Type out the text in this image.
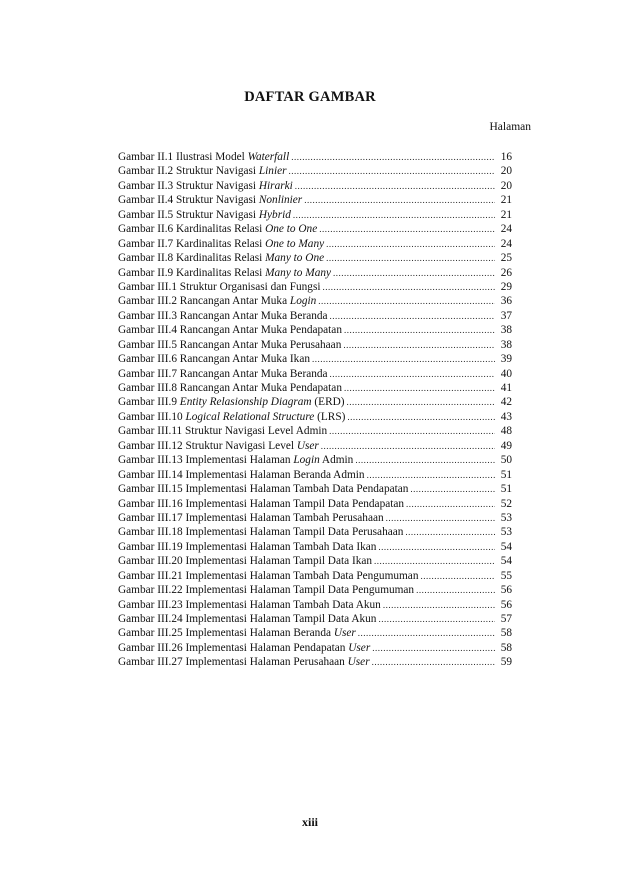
DAFTAR GAMBAR
Halaman
Gambar II.1 Ilustrasi Model Waterfall .....	16
Gambar II.2 Struktur Navigasi Linier .....	20
Gambar II.3 Struktur Navigasi Hirarki .....	20
Gambar II.4 Struktur Navigasi Nonlinier .....	21
Gambar II.5 Struktur Navigasi Hybrid .....	21
Gambar II.6 Kardinalitas Relasi One to One .....	24
Gambar II.7 Kardinalitas Relasi One to Many .....	24
Gambar II.8 Kardinalitas Relasi Many to One .....	25
Gambar II.9 Kardinalitas Relasi Many to Many .....	26
Gambar III.1 Struktur Organisasi dan Fungsi .....	29
Gambar III.2 Rancangan Antar Muka Login .....	36
Gambar III.3 Rancangan Antar Muka Beranda .....	37
Gambar III.4 Rancangan Antar Muka Pendapatan .....	38
Gambar III.5 Rancangan Antar Muka Perusahaan .....	38
Gambar III.6 Rancangan Antar Muka Ikan .....	39
Gambar III.7 Rancangan Antar Muka Beranda .....	40
Gambar III.8 Rancangan Antar Muka Pendapatan .....	41
Gambar III.9 Entity Relasionship Diagram (ERD) .....	42
Gambar III.10 Logical Relational Structure (LRS) .....	43
Gambar III.11 Struktur Navigasi Level Admin .....	48
Gambar III.12 Struktur Navigasi Level User .....	49
Gambar III.13 Implementasi Halaman Login Admin .....	50
Gambar III.14 Implementasi Halaman Beranda Admin .....	51
Gambar III.15 Implementasi Halaman Tambah Data Pendapatan .....	51
Gambar III.16 Implementasi Halaman Tampil Data Pendapatan .....	52
Gambar III.17 Implementasi Halaman Tambah Perusahaan .....	53
Gambar III.18 Implementasi Halaman Tampil Data Perusahaan .....	53
Gambar III.19 Implementasi Halaman Tambah Data Ikan .....	54
Gambar III.20 Implementasi Halaman Tampil Data Ikan .....	54
Gambar III.21 Implementasi Halaman Tambah Data Pengumuman .....	55
Gambar III.22 Implementasi Halaman Tampil Data Pengumuman .....	56
Gambar III.23 Implementasi Halaman Tambah Data Akun .....	56
Gambar III.24 Implementasi Halaman Tampil Data Akun .....	57
Gambar III.25 Implementasi Halaman Beranda User .....	58
Gambar III.26 Implementasi Halaman Pendapatan User .....	58
Gambar III.27 Implementasi Halaman Perusahaan User .....	59
xiii
